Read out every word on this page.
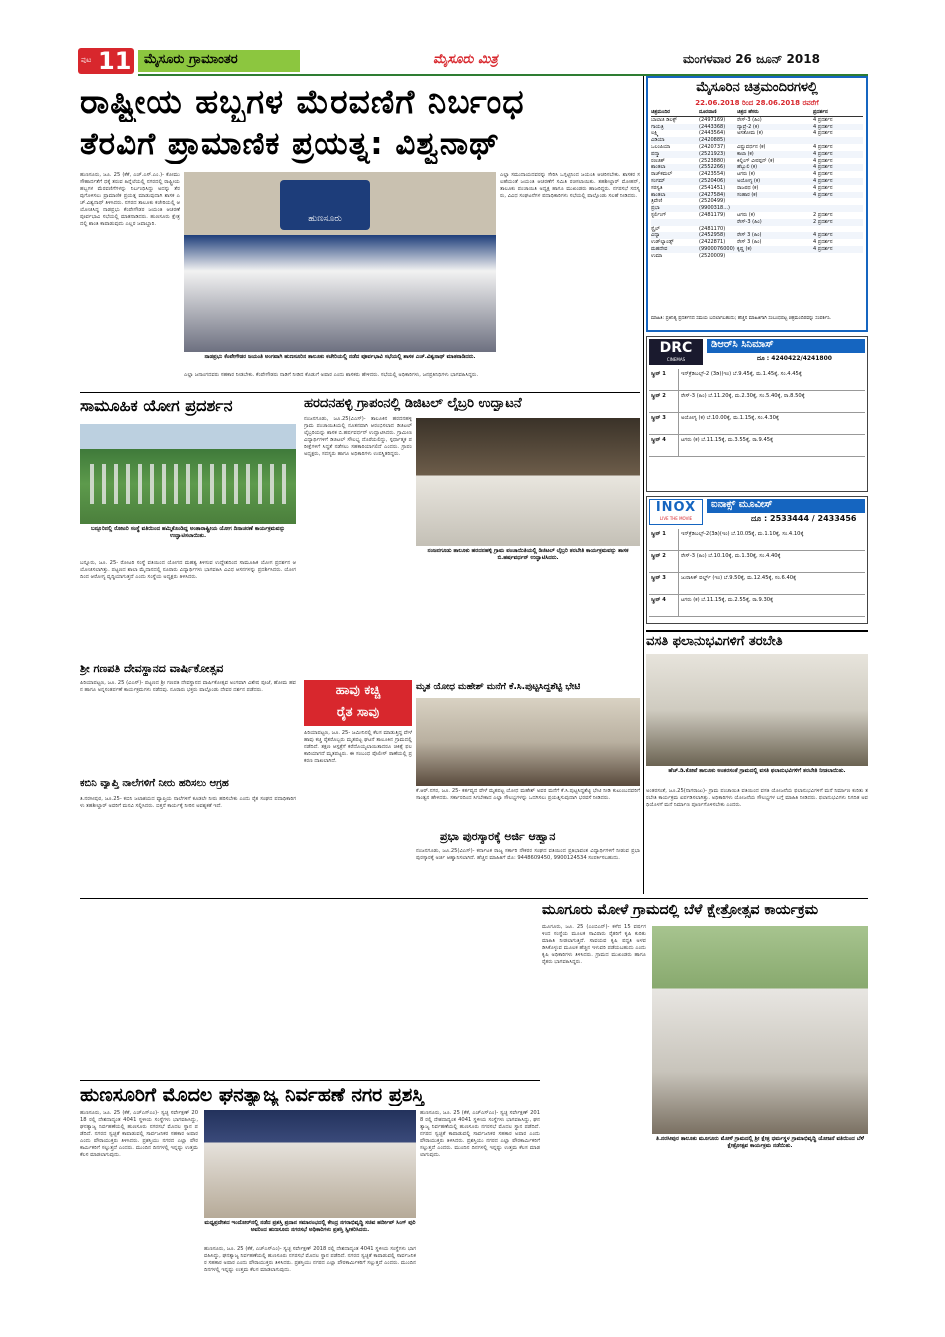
ಪುಟ 11 ಮೈಸೂರು ಗ್ರಾಮಾಂತರ	ಮೈಸೂರು ಮಿತ್ರ	ಮಂಗಳವಾರ 26 ಜೂನ್ 2018
ರಾಷ್ಟ್ರೀಯ ಹಬ್ಬಗಳ ಮೆರವಣಿಗೆ ನಿರ್ಬಂಧ
ತೆರವಿಗೆ ಪ್ರಾಮಾಣಿಕ ಪ್ರಯತ್ನ: ವಿಶ್ವನಾಥ್
ಹುಣಸೂರು, ಜೂ. 25 (ಕೆಕೆ, ಎಚ್.ಎಸ್.ಎಂ.)- ಕೋಮು ಸೌಹಾರ್ದತೆಗೆ ಧಕ್ಕೆ ತರುವ ಹಿನ್ನೆಲೆಯಲ್ಲಿ ನಗರದಲ್ಲಿ ರಾಷ್ಟ್ರೀಯ ಹಬ್ಬಗಳ ಮೆರವಣಿಗೆಗಳನ್ನು ನಿರ್ಬಂಧಿಸಿದ್ದು ಅದನ್ನು ತೆರವುಗೊಳಿಸಲು ಪ್ರಾಮಾಣಿಕ ಪ್ರಯತ್ನ ಮಾಡುವುದಾಗಿ ಶಾಸಕ ಎಚ್.ವಿಶ್ವನಾಥ್ ತಿಳಿಸಿದರು. ನಗರದ ತಾಲೂಕು ಕಚೇರಿಯಲ್ಲಿ ಆಯೋಜಿಸಿದ್ದ ನಾಡಪ್ರಭು ಕೆಂಪೇಗೌಡರ ಜಯಂತಿ ಆಚರಣೆ ಪೂರ್ವಭಾವಿ ಸಭೆಯಲ್ಲಿ ಮಾತನಾಡಿದರು. ಹುಣಸೂರು ಕ್ಷೇತ್ರದಲ್ಲಿ ಶಾಂತಿ ಕಾಪಾಡುವುದು ಎಲ್ಲರ ಜವಾಬ್ದಾರಿ.	ಹುಣಸೂರು
ನಾಡಪ್ರಭು ಕೆಂಪೇಗೌಡರ ಜಯಂತಿ ಅಂಗವಾಗಿ ಹುಣಸೂರಿನ ತಾಲೂಕು ಕಚೇರಿಯಲ್ಲಿ ನಡೆದ ಪೂರ್ವಭಾವಿ ಸಭೆಯಲ್ಲಿ ಶಾಸಕ ಎಚ್.ವಿಶ್ವನಾಥ್ ಮಾತನಾಡಿದರು.
ಎಲ್ಲಾ ಸಮುದಾಯದವರನ್ನು ಸೇರಿಸಿ ಒಗ್ಗಟ್ಟಿನಿಂದ ಜಯಂತಿ ಆಚರಿಸಬೇಕು. ಶಾಸಕರ ಸಲಹೆಯಂತೆ ಜಯಂತಿ ಆಚರಣೆಗೆ ಸಮಿತಿ ರಚಿಸಲಾಯಿತು. ತಹಶೀಲ್ದಾರ್ ಮೋಹನ್, ತಾಲೂಕು ಪಂಚಾಯಿತಿ ಅಧ್ಯಕ್ಷ ಹಾಗೂ ಮುಖಂಡರು ಹಾಜರಿದ್ದರು. ನಗರಸಭೆ ಸದಸ್ಯರು, ವಿವಿಧ ಸಂಘಟನೆಗಳ ಪದಾಧಿಕಾರಿಗಳು ಸಭೆಯಲ್ಲಿ ಪಾಲ್ಗೊಂಡು ಸಲಹೆ ನೀಡಿದರು.
ಎಲ್ಲಾ ಜನಾಂಗದವರು ಸಹಕಾರ ನೀಡಬೇಕು. ಕೆಂಪೇಗೌಡರು ನಾಡಿಗೆ ನೀಡಿದ ಕೊಡುಗೆ ಅಪಾರ ಎಂದು ಶಾಸಕರು ಹೇಳಿದರು. ಸಭೆಯಲ್ಲಿ ಅಧಿಕಾರಿಗಳು, ಜನಪ್ರತಿನಿಧಿಗಳು ಭಾಗವಹಿಸಿದ್ದರು.
ಮೈಸೂರಿನ ಚಿತ್ರಮಂದಿರಗಳಲ್ಲಿ
22.06.2018 ರಿಂದ 28.06.2018 ರವರೆಗೆ
ಚಿತ್ರಮಂದಿರ	ದೂರವಾಣಿ	ಚಿತ್ರದ ಹೆಸರು	ಪ್ರದರ್ಶನ
ಬಾಲಾಜಿ ಡಿಲಕ್ಸ್	(2497169)	ರೇಸ್-3 (ಹಿಂ)	4 ಪ್ರದರ್ಶನ
ಗಾಯತ್ರಿ	(2443368)	ದ್ಯಾವ್ರೆ-2 (ಕ)	4 ಪ್ರದರ್ಶನ
ಲಕ್ಷ್ಮಿ	(2443564)	ಅಸತೋಮ (ಕ)	4 ಪ್ರದರ್ಶನ
ವಿಡಿಯಾ	(2420885)		
ಒಲಂಪಿಯಾ	(2420737)	ವಿಷ್ಣುವರ್ಧನ (ಕ)	4 ಪ್ರದರ್ಶನ
ಪದ್ಮಾ	(2521923)	ಕಾಲಾ (ಕ)	4 ಪ್ರದರ್ಶನ
ರಣಜಿತ್	(2523880)	ಕಿಲ್ಲಿಂಗ್ ವೀರಪ್ಪನ್ (ಕ)	4 ಪ್ರದರ್ಶನ
ಶಾಂತಲಾ	(2552266)	ಹೆಬ್ಬುಲಿ (ಕ)	4 ಪ್ರದರ್ಶನ
ರಾಜ್‌ಕಮಲ್	(2423554)	ಟಗರು (ಕ)	4 ಪ್ರದರ್ಶನ
ಸಂಗಮ್	(2520406)	ಅಯೋಗ್ಯ (ಕ)	4 ಪ್ರದರ್ಶನ
ಸರಸ್ವತಿ	(2541451)	ರಾಜರಥ (ಕ)	4 ಪ್ರದರ್ಶನ
ಶಾಂತಲಾ	(2427584)	ಸಂಹಾರ (ಕ)	4 ಪ್ರದರ್ಶನ
ತ್ರಿವೇಣಿ	(2520499)		
ಪ್ರಭಾ	(9900318...)		
ಸ್ಟರ್ಲಿಂಗ್	(2481179)	ಟಗರು (ಕ)	2 ಪ್ರದರ್ಶನ
		ರೇಸ್-3 (ಹಿಂ)	2 ಪ್ರದರ್ಶನ
ಸ್ಟೈಲ್	(2481170)		
ವಿದ್ಯಾ	(2452958)	ರೇಸ್ 3 (ಹಿಂ)	4 ಪ್ರದರ್ಶನ
ಉಡ್‌ಲ್ಯಾಂಡ್ಸ್	(2422871)	ರೇಸ್ 3 (ಹಿಂ)	4 ಪ್ರದರ್ಶನ
ಮಹದೇವ	(9900076000)	ಕೃಷ್ಣ (ಕ)	4 ಪ್ರದರ್ಶನ
ಉಮಾ	(2520009)		
ಮಾಹಿತಿ: ಪ್ರತಿನಿತ್ಯ ಪ್ರದರ್ಶನದ ಸಮಯ ಬದಲಾಗಬಹುದು; ಹೆಚ್ಚಿನ ಮಾಹಿತಿಗಾಗಿ ಸಂಬಂಧಪಟ್ಟ ಚಿತ್ರಮಂದಿರವನ್ನು ಸಂಪರ್ಕಿಸಿ.
DRC
CINEMAS
ಡಿಆರ್‌ಸಿ ಸಿನಿಮಾಸ್
ದೂ : 4240422/4241800
ಸ್ಕ್ರೀನ್ 1	ಇನ್‌ಕ್ರೆಡಿಬಲ್ಸ್-2 (3ಡಿ)(ಇಂ) ಬೆ.9.45ಕ್ಕೆ, ಮ.1.45ಕ್ಕೆ, ಸಂ.4.45ಕ್ಕೆ
ಸ್ಕ್ರೀನ್ 2	ರೇಸ್-3 (ಹಿಂ) ಬೆ.11.20ಕ್ಕೆ, ಮ.2.30ಕ್ಕೆ, ಸಂ.5.40ಕ್ಕೆ, ರಾ.8.50ಕ್ಕೆ
ಸ್ಕ್ರೀನ್ 3	ಅಯೋಗ್ಯ (ಕ) ಬೆ.10.00ಕ್ಕೆ, ಮ.1.15ಕ್ಕೆ, ಸಂ.4.30ಕ್ಕೆ
ಸ್ಕ್ರೀನ್ 4	ಟಗರು (ಕ) ಬೆ.11.15ಕ್ಕೆ, ಮ.3.55ಕ್ಕೆ, ರಾ.9.45ಕ್ಕೆ
INOX
LIVE THE MOVIE
ಐನಾಕ್ಸ್ ಮೂವೀಸ್
ದೂ : 2533444 / 2433456
ಸ್ಕ್ರೀನ್ 1	ಇನ್‌ಕ್ರೆಡಿಬಲ್ಸ್-2(3ಡಿ)(ಇಂ) ಬೆ.10.05ಕ್ಕೆ, ಮ.1.10ಕ್ಕೆ, ಸಂ.4.10ಕ್ಕೆ
ಸ್ಕ್ರೀನ್ 2	ರೇಸ್-3 (ಹಿಂ) ಬೆ.10.10ಕ್ಕೆ, ಮ.1.30ಕ್ಕೆ, ಸಂ.4.40ಕ್ಕೆ
ಸ್ಕ್ರೀನ್ 3	ಜುರಾಸಿಕ್ ವರ್ಲ್ಡ್ (ಇಂ) ಬೆ.9.50ಕ್ಕೆ, ಮ.12.45ಕ್ಕೆ, ಸಂ.6.40ಕ್ಕೆ
ಸ್ಕ್ರೀನ್ 4	ಟಗರು (ಕ) ಬೆ.11.15ಕ್ಕೆ, ಮ.2.55ಕ್ಕೆ, ರಾ.9.30ಕ್ಕೆ
ಸಾಮೂಹಿಕ ಯೋಗ ಪ್ರದರ್ಶನ
ಬನ್ನೂರಿನಲ್ಲಿ ರೋಟರಿ ಸಂಸ್ಥೆ ವತಿಯಿಂದ ಹಮ್ಮಿಕೊಂಡಿದ್ದ ಅಂತಾರಾಷ್ಟ್ರೀಯ ಯೋಗ ದಿನಾಚರಣೆ ಕಾರ್ಯಕ್ರಮವನ್ನು ಉದ್ಘಾಟಿಸಲಾಯಿತು.
ಬನ್ನೂರು, ಜೂ. 25- ರೋಟರಿ ಸಂಸ್ಥೆ ವತಿಯಿಂದ ಯೋಗದ ಮಹತ್ವ ತಿಳಿಸುವ ಉದ್ದೇಶದಿಂದ ಸಾಮೂಹಿಕ ಯೋಗ ಪ್ರದರ್ಶನ ಆಯೋಜಿಸಲಾಗಿತ್ತು. ಪಟ್ಟಣದ ಶಾಲಾ ಮೈದಾನದಲ್ಲಿ ನೂರಾರು ವಿದ್ಯಾರ್ಥಿಗಳು ಭಾಗವಹಿಸಿ ವಿವಿಧ ಆಸನಗಳನ್ನು ಪ್ರದರ್ಶಿಸಿದರು. ಯೋಗದಿಂದ ಆರೋಗ್ಯ ವೃದ್ಧಿಯಾಗುತ್ತದೆ ಎಂದು ಸಂಸ್ಥೆಯ ಅಧ್ಯಕ್ಷರು ತಿಳಿಸಿದರು.
ಶ್ರೀ ಗಣಪತಿ ದೇವಸ್ಥಾನದ ವಾರ್ಷಿಕೋತ್ಸವ
ಪಿರಿಯಾಪಟ್ಟಣ, ಜೂ. 25 (ವಿಎಸ್)- ಪಟ್ಟಣದ ಶ್ರೀ ಗಣಪತಿ ದೇವಸ್ಥಾನದ ವಾರ್ಷಿಕೋತ್ಸವ ಅಂಗವಾಗಿ ವಿಶೇಷ ಪೂಜೆ, ಹೋಮ ಹವನ ಹಾಗೂ ಅನ್ನಸಂತರ್ಪಣೆ ಕಾರ್ಯಕ್ರಮಗಳು ನಡೆದವು. ನೂರಾರು ಭಕ್ತರು ಪಾಲ್ಗೊಂಡು ದೇವರ ದರ್ಶನ ಪಡೆದರು.
ಕಬಿನಿ ವ್ಯಾಪ್ತಿ ನಾಲೆಗಳಿಗೆ ನೀರು ಹರಿಸಲು ಆಗ್ರಹ
ತಿ.ನರಸೀಪುರ, ಜೂ.25- ಕಬಿನಿ ಜಲಾಶಯದ ವ್ಯಾಪ್ತಿಯ ನಾಲೆಗಳಿಗೆ ಕೂಡಲೇ ನೀರು ಹರಿಸಬೇಕು ಎಂದು ರೈತ ಸಂಘದ ಪದಾಧಿಕಾರಿಗಳು ತಹಶೀಲ್ದಾರ್ ಅವರಿಗೆ ಮನವಿ ಸಲ್ಲಿಸಿದರು. ಬಿತ್ತನೆ ಕಾರ್ಯಕ್ಕೆ ನೀರಿನ ಅವಶ್ಯಕತೆ ಇದೆ.
ಹರದನಹಳ್ಳಿ ಗ್ರಾಪಂನಲ್ಲಿ ಡಿಜಿಟಲ್ ಲೈಬ್ರರಿ ಉದ್ಘಾಟನೆ
ನಂಜನಗೂಡು, ಜೂ.25(ವಿಎಸ್)- ತಾಲೂಕಿನ ಹರದನಹಳ್ಳಿ ಗ್ರಾಮ ಪಂಚಾಯಿತಿಯಲ್ಲಿ ನೂತನವಾಗಿ ಆರಂಭಿಸಲಾದ ಡಿಜಿಟಲ್ ಲೈಬ್ರರಿಯನ್ನು ಶಾಸಕ ಬಿ.ಹರ್ಷವರ್ಧನ್ ಉದ್ಘಾಟಿಸಿದರು. ಗ್ರಾಮೀಣ ವಿದ್ಯಾರ್ಥಿಗಳಿಗೆ ಡಿಜಿಟಲ್ ಸೌಲಭ್ಯ ದೊರೆಯಲಿದ್ದು, ಸ್ಪರ್ಧಾತ್ಮಕ ಪರೀಕ್ಷೆಗಳಿಗೆ ಸಿದ್ಧತೆ ನಡೆಸಲು ಸಹಕಾರಿಯಾಗಲಿದೆ ಎಂದರು. ಗ್ರಾಪಂ ಅಧ್ಯಕ್ಷರು, ಸದಸ್ಯರು ಹಾಗೂ ಅಧಿಕಾರಿಗಳು ಉಪಸ್ಥಿತರಿದ್ದರು.
ನಂಜನಗೂಡು ತಾಲೂಕು ಹರದನಹಳ್ಳಿ ಗ್ರಾಮ ಪಂಚಾಯಿತಿಯಲ್ಲಿ ಡಿಜಿಟಲ್ ಲೈಬ್ರರಿ ತರಬೇತಿ ಕಾರ್ಯಕ್ರಮವನ್ನು ಶಾಸಕ ಬಿ.ಹರ್ಷವರ್ಧನ್ ಉದ್ಘಾಟಿಸಿದರು.
ಹಾವು ಕಚ್ಚಿ
ರೈತ ಸಾವು
ಪಿರಿಯಾಪಟ್ಟಣ, ಜೂ. 25- ಜಮೀನಿನಲ್ಲಿ ಕೆಲಸ ಮಾಡುತ್ತಿದ್ದ ವೇಳೆ ಹಾವು ಕಚ್ಚಿ ರೈತರೊಬ್ಬರು ಮೃತಪಟ್ಟ ಘಟನೆ ತಾಲೂಕಿನ ಗ್ರಾಮದಲ್ಲಿ ನಡೆದಿದೆ. ತಕ್ಷಣ ಆಸ್ಪತ್ರೆಗೆ ಕರೆದೊಯ್ಯಲಾಯಿತಾದರೂ ಚಿಕಿತ್ಸೆ ಫಲಕಾರಿಯಾಗದೆ ಮೃತಪಟ್ಟರು. ಈ ಸಂಬಂಧ ಪೊಲೀಸ್ ಠಾಣೆಯಲ್ಲಿ ಪ್ರಕರಣ ದಾಖಲಾಗಿದೆ.
ಮೃತ ಯೋಧ ಮಹೇಶ್ ಮನೆಗೆ ಕೆ.ಸಿ.ಪುಟ್ಟಸಿದ್ದಶೆಟ್ಟಿ ಭೇಟಿ
ಕೆ.ಆರ್.ನಗರ, ಜೂ. 25- ಕರ್ತವ್ಯದ ವೇಳೆ ಮೃತಪಟ್ಟ ಯೋಧ ಮಹೇಶ್ ಅವರ ಮನೆಗೆ ಕೆ.ಸಿ.ಪುಟ್ಟಸಿದ್ದಶೆಟ್ಟಿ ಭೇಟಿ ನೀಡಿ ಕುಟುಂಬದವರಿಗೆ ಸಾಂತ್ವನ ಹೇಳಿದರು. ಸರ್ಕಾರದಿಂದ ಸಿಗಬೇಕಾದ ಎಲ್ಲಾ ಸೌಲಭ್ಯಗಳನ್ನು ಒದಗಿಸಲು ಪ್ರಯತ್ನಿಸುವುದಾಗಿ ಭರವಸೆ ನೀಡಿದರು.
ಪ್ರಭಾ ಪುರಸ್ಕಾರಕ್ಕೆ ಅರ್ಜಿ ಆಹ್ವಾನ
ನಂಜನಗೂಡು, ಜೂ.25(ವಿಎಸ್)- ಕರ್ನಾಟಕ ರಾಜ್ಯ ಸರ್ಕಾರಿ ನೌಕರರ ಸಂಘದ ವತಿಯಿಂದ ಪ್ರತಿಭಾವಂತ ವಿದ್ಯಾರ್ಥಿಗಳಿಗೆ ನೀಡುವ ಪ್ರಭಾ ಪುರಸ್ಕಾರಕ್ಕೆ ಅರ್ಜಿ ಆಹ್ವಾನಿಸಲಾಗಿದೆ. ಹೆಚ್ಚಿನ ಮಾಹಿತಿಗೆ ಮೊ: 9448609450, 9900124534 ಸಂಪರ್ಕಿಸಬಹುದು.
ವಸತಿ ಫಲಾನುಭವಿಗಳಿಗೆ ತರಬೇತಿ
ಹೆಚ್.ಡಿ.ಕೋಟೆ ತಾಲೂಕು ಅಂತರಸಂತೆ ಗ್ರಾಮದಲ್ಲಿ ವಸತಿ ಫಲಾನುಭವಿಗಳಿಗೆ ತರಬೇತಿ ನೀಡಲಾಯಿತು.
ಅಂತರಸಂತೆ, ಜೂ.25(ನಾಗರಾಜು)- ಗ್ರಾಮ ಪಂಚಾಯಿತಿ ವತಿಯಿಂದ ವಸತಿ ಯೋಜನೆಯ ಫಲಾನುಭವಿಗಳಿಗೆ ಮನೆ ನಿರ್ಮಾಣ ಕುರಿತು ತರಬೇತಿ ಕಾರ್ಯಕ್ರಮ ಏರ್ಪಡಿಸಲಾಗಿತ್ತು. ಅಧಿಕಾರಿಗಳು ಯೋಜನೆಯ ಸೌಲಭ್ಯಗಳ ಬಗ್ಗೆ ಮಾಹಿತಿ ನೀಡಿದರು. ಫಲಾನುಭವಿಗಳು ನಿಗದಿತ ಅವಧಿಯೊಳಗೆ ಮನೆ ನಿರ್ಮಾಣ ಪೂರ್ಣಗೊಳಿಸಬೇಕು ಎಂದರು.
ಮೂಗೂರು ಮೋಳೆ ಗ್ರಾಮದಲ್ಲಿ ಬೆಳೆ ಕ್ಷೇತ್ರೋತ್ಸವ ಕಾರ್ಯಕ್ರಮ
ಮೂಗೂರು, ಜೂ. 25 (ಎಂಬಿಎನ್)- ಕಳೆದ 15 ವರ್ಷಗಳಿಂದ ಸಂಸ್ಥೆಯ ಮೂಲಕ ಸಾವಿರಾರು ರೈತರಿಗೆ ಕೃಷಿ ಕುರಿತು ಮಾಹಿತಿ ನೀಡಲಾಗುತ್ತಿದೆ. ಸಾವಯವ ಕೃಷಿ ಪದ್ಧತಿ ಅಳವಡಿಸಿಕೊಳ್ಳುವ ಮೂಲಕ ಹೆಚ್ಚಿನ ಇಳುವರಿ ಪಡೆಯಬಹುದು ಎಂದು ಕೃಷಿ ಅಧಿಕಾರಿಗಳು ತಿಳಿಸಿದರು. ಗ್ರಾಮದ ಮುಖಂಡರು ಹಾಗೂ ರೈತರು ಭಾಗವಹಿಸಿದ್ದರು.
ತಿ.ನರಸೀಪುರ ತಾಲೂಕು ಮೂಗೂರು ಮೋಳೆ ಗ್ರಾಮದಲ್ಲಿ ಶ್ರೀ ಕ್ಷೇತ್ರ ಧರ್ಮಸ್ಥಳ ಗ್ರಾಮಾಭಿವೃದ್ಧಿ ಯೋಜನೆ ವತಿಯಿಂದ ಬೆಳೆ ಕ್ಷೇತ್ರೋತ್ಸವ ಕಾರ್ಯಕ್ರಮ ನಡೆಯಿತು.
ಹುಣಸೂರಿಗೆ ಮೊದಲ ಘನತ್ಯಾಜ್ಯ ನಿರ್ವಹಣೆ ನಗರ ಪ್ರಶಸ್ತಿ
ಹುಣಸೂರು, ಜೂ. 25 (ಕೆಕೆ, ಎಚ್‌ಎಸ್‌ಎಂ)- ಸ್ವಚ್ಛ ಸರ್ವೇಕ್ಷಣ್ 2018 ರಲ್ಲಿ ದೇಶದಾದ್ಯಂತ 4041 ಸ್ಥಳೀಯ ಸಂಸ್ಥೆಗಳು ಭಾಗವಹಿಸಿದ್ದು, ಘನತ್ಯಾಜ್ಯ ನಿರ್ವಹಣೆಯಲ್ಲಿ ಹುಣಸೂರು ನಗರಸಭೆ ಮೊದಲ ಸ್ಥಾನ ಪಡೆದಿದೆ. ನಗರದ ಸ್ವಚ್ಛತೆ ಕಾಪಾಡುವಲ್ಲಿ ಸಾರ್ವಜನಿಕರ ಸಹಕಾರ ಅಪಾರ ಎಂದು ಪೌರಾಯುಕ್ತರು ತಿಳಿಸಿದರು. ಪ್ರಶಸ್ತಿಯು ನಗರದ ಎಲ್ಲಾ ಪೌರಕಾರ್ಮಿಕರಿಗೆ ಸಲ್ಲುತ್ತದೆ ಎಂದರು. ಮುಂದಿನ ದಿನಗಳಲ್ಲಿ ಇನ್ನಷ್ಟು ಉತ್ತಮ ಕೆಲಸ ಮಾಡಲಾಗುವುದು.
ಮಧ್ಯಪ್ರದೇಶದ ಇಂದೋರ್‌ನಲ್ಲಿ ನಡೆದ ಪ್ರಶಸ್ತಿ ಪ್ರದಾನ ಸಮಾರಂಭದಲ್ಲಿ ಕೇಂದ್ರ ನಗರಾಭಿವೃದ್ಧಿ ಸಚಿವ ಹರ್ದೀಪ್ ಸಿಂಗ್ ಪುರಿ ಅವರಿಂದ ಹುಣಸೂರು ನಗರಸಭೆ ಅಧಿಕಾರಿಗಳು ಪ್ರಶಸ್ತಿ ಸ್ವೀಕರಿಸಿದರು.
ಹುಣಸೂರು, ಜೂ. 25 (ಕೆಕೆ, ಎಚ್‌ಎಸ್‌ಎಂ)- ಸ್ವಚ್ಛ ಸರ್ವೇಕ್ಷಣ್ 2018 ರಲ್ಲಿ ದೇಶದಾದ್ಯಂತ 4041 ಸ್ಥಳೀಯ ಸಂಸ್ಥೆಗಳು ಭಾಗವಹಿಸಿದ್ದು, ಘನತ್ಯಾಜ್ಯ ನಿರ್ವಹಣೆಯಲ್ಲಿ ಹುಣಸೂರು ನಗರಸಭೆ ಮೊದಲ ಸ್ಥಾನ ಪಡೆದಿದೆ. ನಗರದ ಸ್ವಚ್ಛತೆ ಕಾಪಾಡುವಲ್ಲಿ ಸಾರ್ವಜನಿಕರ ಸಹಕಾರ ಅಪಾರ ಎಂದು ಪೌರಾಯುಕ್ತರು ತಿಳಿಸಿದರು. ಪ್ರಶಸ್ತಿಯು ನಗರದ ಎಲ್ಲಾ ಪೌರಕಾರ್ಮಿಕರಿಗೆ ಸಲ್ಲುತ್ತದೆ ಎಂದರು. ಮುಂದಿನ ದಿನಗಳಲ್ಲಿ ಇನ್ನಷ್ಟು ಉತ್ತಮ ಕೆಲಸ ಮಾಡಲಾಗುವುದು.
ಹುಣಸೂರು, ಜೂ. 25 (ಕೆಕೆ, ಎಚ್‌ಎಸ್‌ಎಂ)- ಸ್ವಚ್ಛ ಸರ್ವೇಕ್ಷಣ್ 2018 ರಲ್ಲಿ ದೇಶದಾದ್ಯಂತ 4041 ಸ್ಥಳೀಯ ಸಂಸ್ಥೆಗಳು ಭಾಗವಹಿಸಿದ್ದು, ಘನತ್ಯಾಜ್ಯ ನಿರ್ವಹಣೆಯಲ್ಲಿ ಹುಣಸೂರು ನಗರಸಭೆ ಮೊದಲ ಸ್ಥಾನ ಪಡೆದಿದೆ. ನಗರದ ಸ್ವಚ್ಛತೆ ಕಾಪಾಡುವಲ್ಲಿ ಸಾರ್ವಜನಿಕರ ಸಹಕಾರ ಅಪಾರ ಎಂದು ಪೌರಾಯುಕ್ತರು ತಿಳಿಸಿದರು. ಪ್ರಶಸ್ತಿಯು ನಗರದ ಎಲ್ಲಾ ಪೌರಕಾರ್ಮಿಕರಿಗೆ ಸಲ್ಲುತ್ತದೆ ಎಂದರು. ಮುಂದಿನ ದಿನಗಳಲ್ಲಿ ಇನ್ನಷ್ಟು ಉತ್ತಮ ಕೆಲಸ ಮಾಡಲಾಗುವುದು.
